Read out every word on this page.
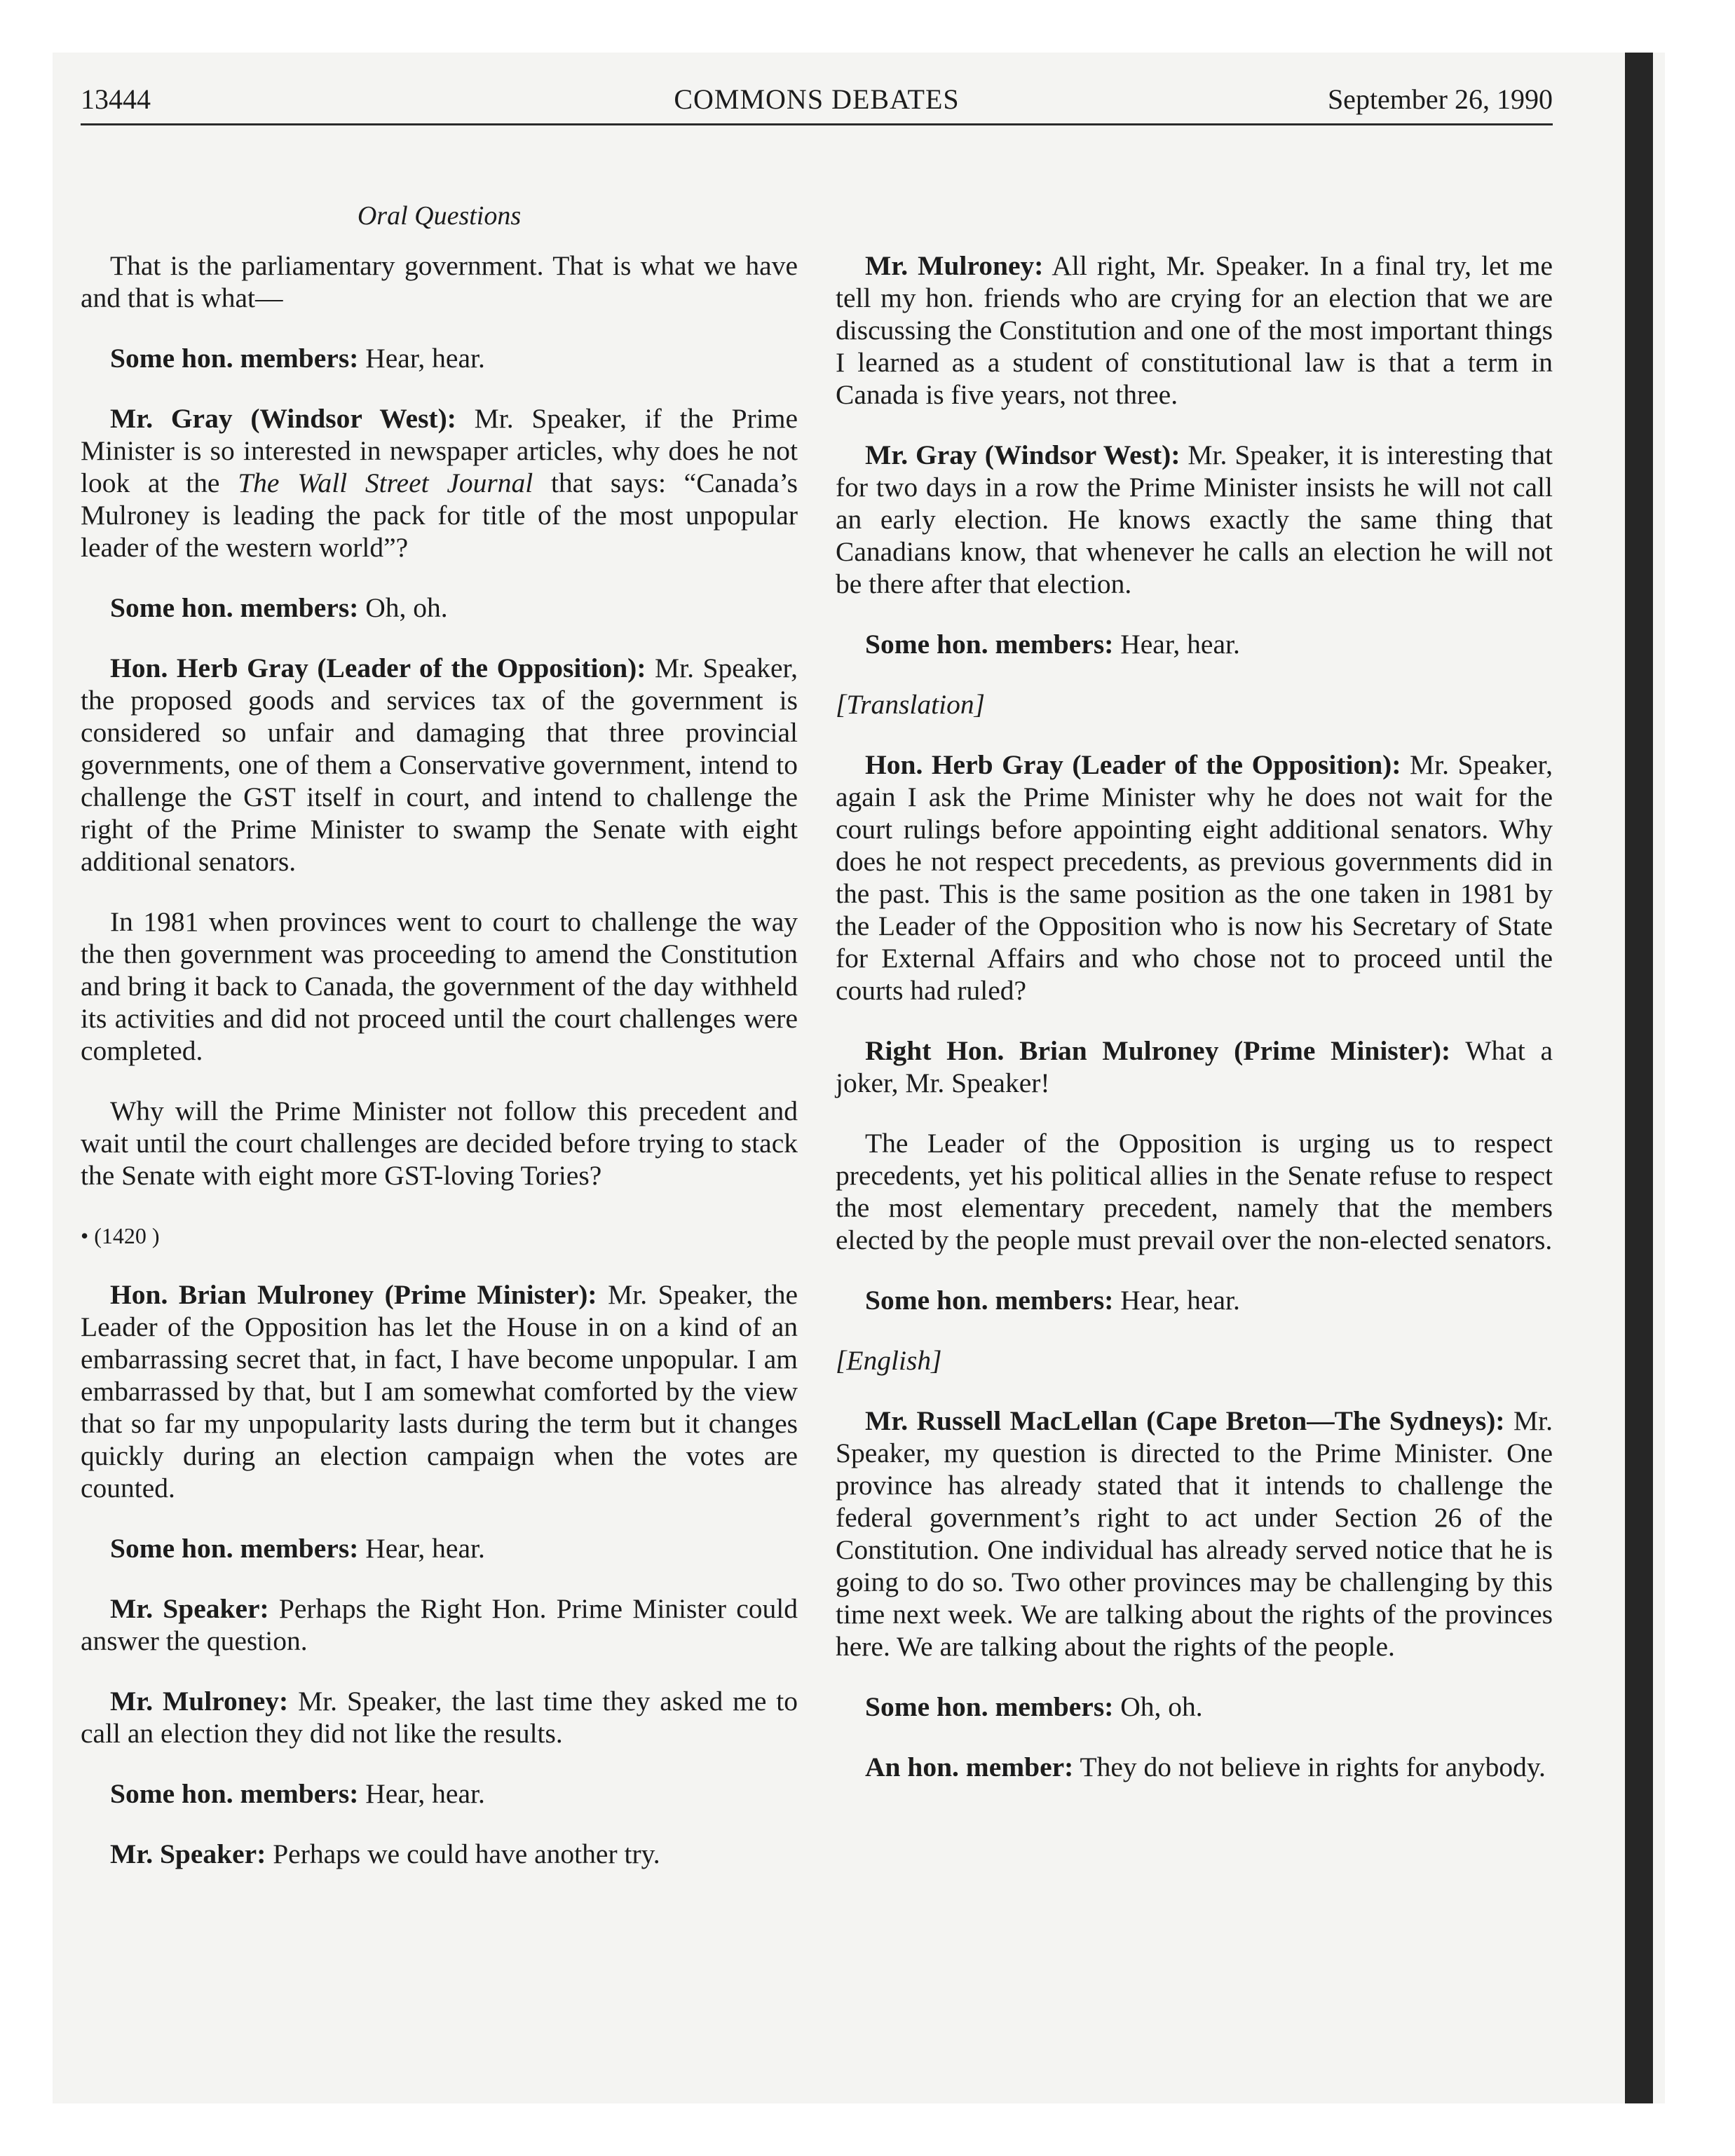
13444	COMMONS DEBATES	September 26, 1990
Oral Questions

That is the parliamentary government. That is what we have and that is what—

Some hon. members: Hear, hear.

Mr. Gray (Windsor West): Mr. Speaker, if the Prime Minister is so interested in newspaper articles, why does he not look at the The Wall Street Journal that says: “Canada’s Mulroney is leading the pack for title of the most unpopular leader of the western world”?

Some hon. members: Oh, oh.

Hon. Herb Gray (Leader of the Opposition): Mr. Speaker, the proposed goods and services tax of the government is considered so unfair and damaging that three provincial governments, one of them a Conservative government, intend to challenge the GST itself in court, and intend to challenge the right of the Prime Minister to swamp the Senate with eight additional senators.

In 1981 when provinces went to court to challenge the way the then government was proceeding to amend the Constitution and bring it back to Canada, the government of the day withheld its activities and did not proceed until the court challenges were completed.

Why will the Prime Minister not follow this precedent and wait until the court challenges are decided before trying to stack the Senate with eight more GST-loving Tories?

• (1420 )

Hon. Brian Mulroney (Prime Minister): Mr. Speaker, the Leader of the Opposition has let the House in on a kind of an embarrassing secret that, in fact, I have become unpopular. I am embarrassed by that, but I am somewhat comforted by the view that so far my unpopularity lasts during the term but it changes quickly during an election campaign when the votes are counted.

Some hon. members: Hear, hear.

Mr. Speaker: Perhaps the Right Hon. Prime Minister could answer the question.

Mr. Mulroney: Mr. Speaker, the last time they asked me to call an election they did not like the results.

Some hon. members: Hear, hear.

Mr. Speaker: Perhaps we could have another try.

Mr. Mulroney: All right, Mr. Speaker. In a final try, let me tell my hon. friends who are crying for an election that we are discussing the Constitution and one of the most important things I learned as a student of constitutional law is that a term in Canada is five years, not three.

Mr. Gray (Windsor West): Mr. Speaker, it is interesting that for two days in a row the Prime Minister insists he will not call an early election. He knows exactly the same thing that Canadians know, that whenever he calls an election he will not be there after that election.

Some hon. members: Hear, hear.

[Translation]

Hon. Herb Gray (Leader of the Opposition): Mr. Speaker, again I ask the Prime Minister why he does not wait for the court rulings before appointing eight additional senators. Why does he not respect precedents, as previous governments did in the past. This is the same position as the one taken in 1981 by the Leader of the Opposition who is now his Secretary of State for External Affairs and who chose not to proceed until the courts had ruled?

Right Hon. Brian Mulroney (Prime Minister): What a joker, Mr. Speaker!

The Leader of the Opposition is urging us to respect precedents, yet his political allies in the Senate refuse to respect the most elementary precedent, namely that the members elected by the people must prevail over the non-elected senators.

Some hon. members: Hear, hear.

[English]

Mr. Russell MacLellan (Cape Breton—The Sydneys): Mr. Speaker, my question is directed to the Prime Minister. One province has already stated that it intends to challenge the federal government’s right to act under Section 26 of the Constitution. One individual has already served notice that he is going to do so. Two other provinces may be challenging by this time next week. We are talking about the rights of the provinces here. We are talking about the rights of the people.

Some hon. members: Oh, oh.

An hon. member: They do not believe in rights for anybody.
